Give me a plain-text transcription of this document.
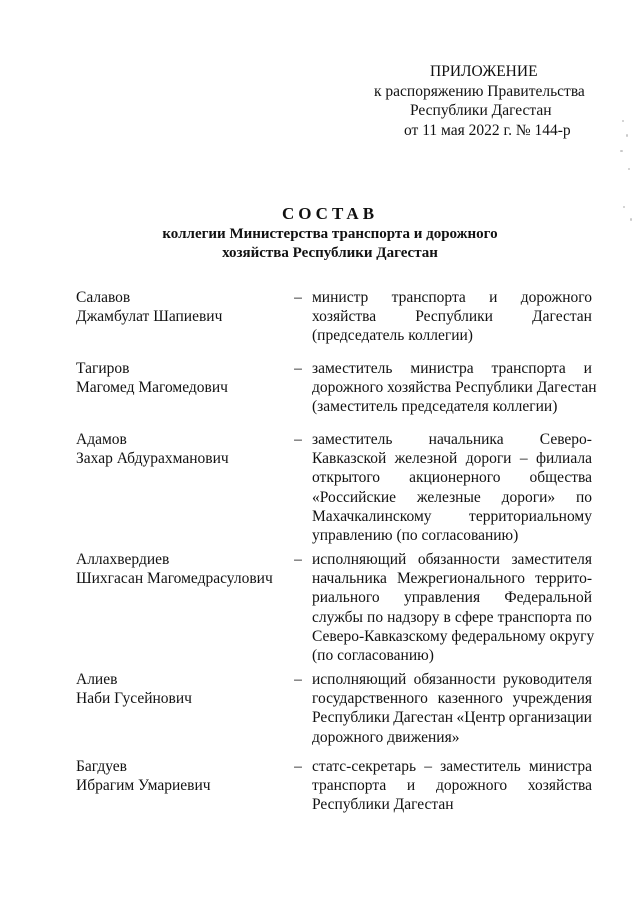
ПРИЛОЖЕНИЕ
к распоряжению Правительства
Республики Дагестан
от 11 мая 2022 г. № 144-р
СОСТАВ
коллегии Министерства транспорта и дорожного
хозяйства Республики Дагестан
Салавов
Джамбулат Шапиевич
– министр транспорта и дорожного
хозяйства	Республики	Дагестан
(председатель коллегии)
Тагиров
Магомед Магомедович
– заместитель министра транспорта и
дорожного хозяйства Республики Дагестан
(заместитель председателя коллегии)
Адамов
Захар Абдурахманович
– заместитель начальника Северо-
Кавказской железной дороги – филиала
открытого акционерного общества
«Российские железные дороги» по
Махачкалинскому территориальному
управлению (по согласованию)
Аллахвердиев
Шихгасан Магомедрасулович
– исполняющий обязанности заместителя
начальника Межрегионального террито-
риального управления Федеральной
службы по надзору в сфере транспорта по
Северо-Кавказскому федеральному округу
(по согласованию)
Алиев
Наби Гусейнович
– исполняющий обязанности руководителя
государственного казенного учреждения
Республики Дагестан «Центр организации
дорожного движения»
Багдуев
Ибрагим Умариевич
– статс-секретарь – заместитель министра
транспорта и дорожного хозяйства
Республики Дагестан
